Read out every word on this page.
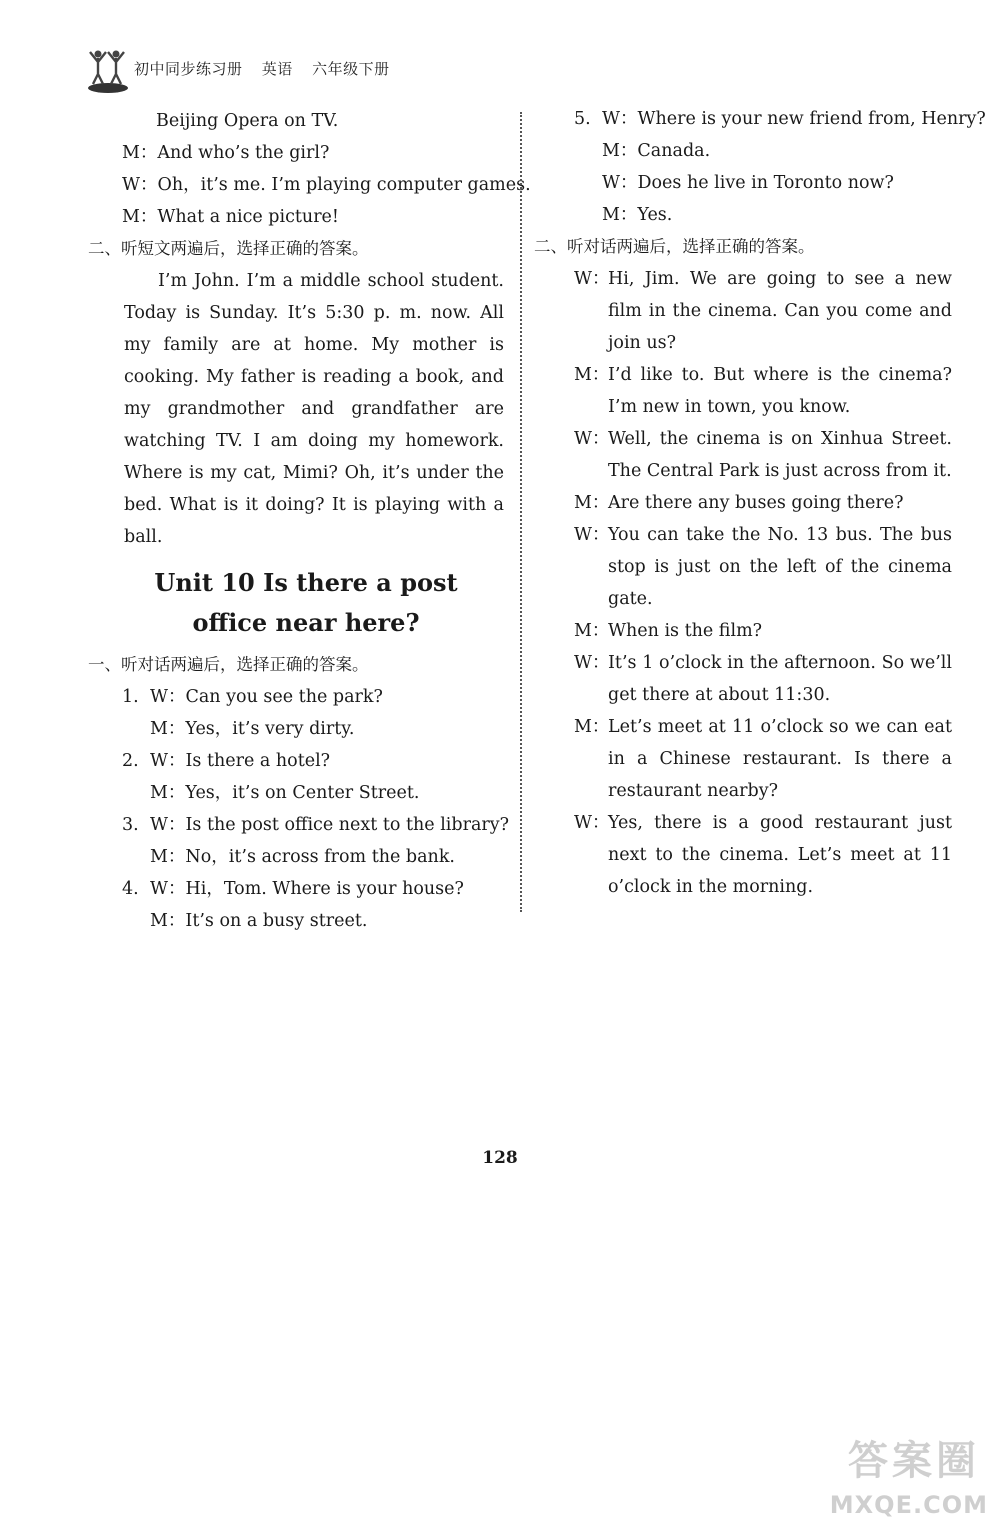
初中同步练习册 英语 六年级下册
Beijing Opera on TV.
M：And who’s the girl?
W：Oh，it’s me. I’m playing computer games.
M：What a nice picture!
二、听短文两遍后，选择正确的答案。
I’m John. I’m a middle school student. Today is Sunday. It’s 5:30 p. m. now. All my family are at home. My mother is cooking. My father is reading a book, and my grandmother and grandfather are watching TV. I am doing my homework. Where is my cat, Mimi? Oh, it’s under the bed. What is it doing? It is playing with a ball.
Unit 10 Is there a post
office near here?
一、听对话两遍后，选择正确的答案。
1. W：Can you see the park?
M：Yes，it’s very dirty.
2. W：Is there a hotel?
M：Yes，it’s on Center Street.
3. W：Is the post office next to the library?
M：No，it’s across from the bank.
4. W：Hi，Tom. Where is your house?
M：It’s on a busy street.
5. W：Where is your new friend from, Henry?
M：Canada.
W：Does he live in Toronto now?
M：Yes.
二、听对话两遍后，选择正确的答案。
W：
Hi, Jim. We are going to see a new film in the cinema. Can you come and join us?
M：
I’d like to. But where is the cinema? I’m new in town, you know.
W：
Well, the cinema is on Xinhua Street. The Central Park is just across from it.
M：
Are there any buses going there?
W：
You can take the No. 13 bus. The bus stop is just on the left of the cinema gate.
M：
When is the film?
W：
It’s 1 o’clock in the afternoon. So we’ll get there at about 11:30.
M：
Let’s meet at 11 o’clock so we can eat in a Chinese restaurant. Is there a restaurant nearby?
W：
Yes, there is a good restaurant just next to the cinema. Let’s meet at 11 o’clock in the morning.
128
答案圈
MXQE.COM
